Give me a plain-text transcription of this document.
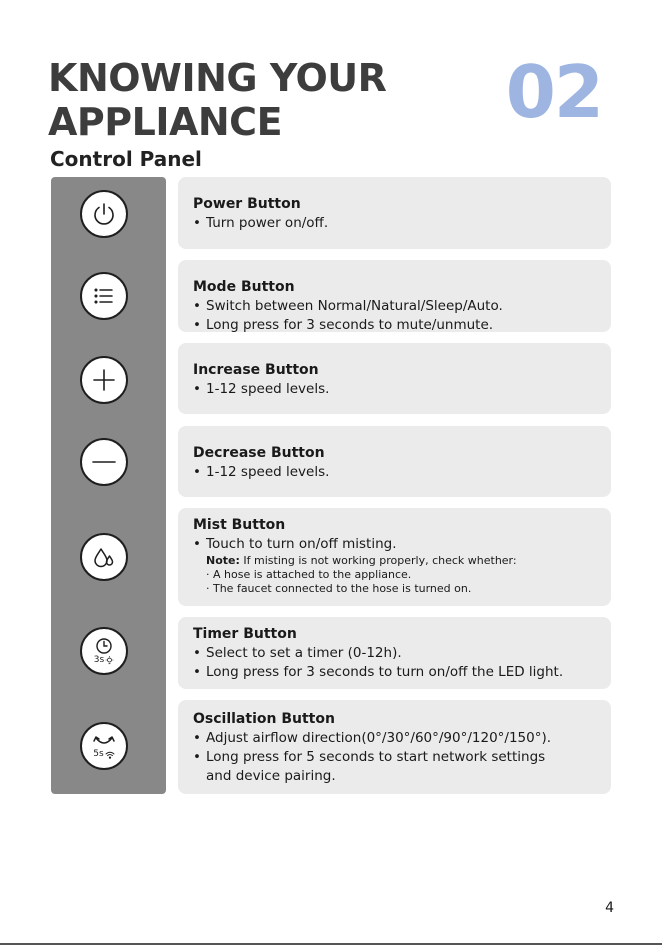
KNOWING YOUR
APPLIANCE	02
Control Panel
3s
5s

Power Button

• Turn power on/off.

Mode Button

• Switch between Normal/Natural/Sleep/Auto.

• Long press for 3 seconds to mute/unmute.

Increase Button

• 1-12 speed levels.

Decrease Button

• 1-12 speed levels.

Mist Button

• Touch to turn on/off misting.

Note: If misting is not working properly, check whether:

· A hose is attached to the appliance.

· The faucet connected to the hose is turned on.

Timer Button

• Select to set a timer (0-12h).

• Long press for 3 seconds to turn on/off the LED light.

Oscillation Button

• Adjust airflow direction(0°/30°/60°/90°/120°/150°).

• Long press for 5 seconds to start network settings

and device pairing.

4
